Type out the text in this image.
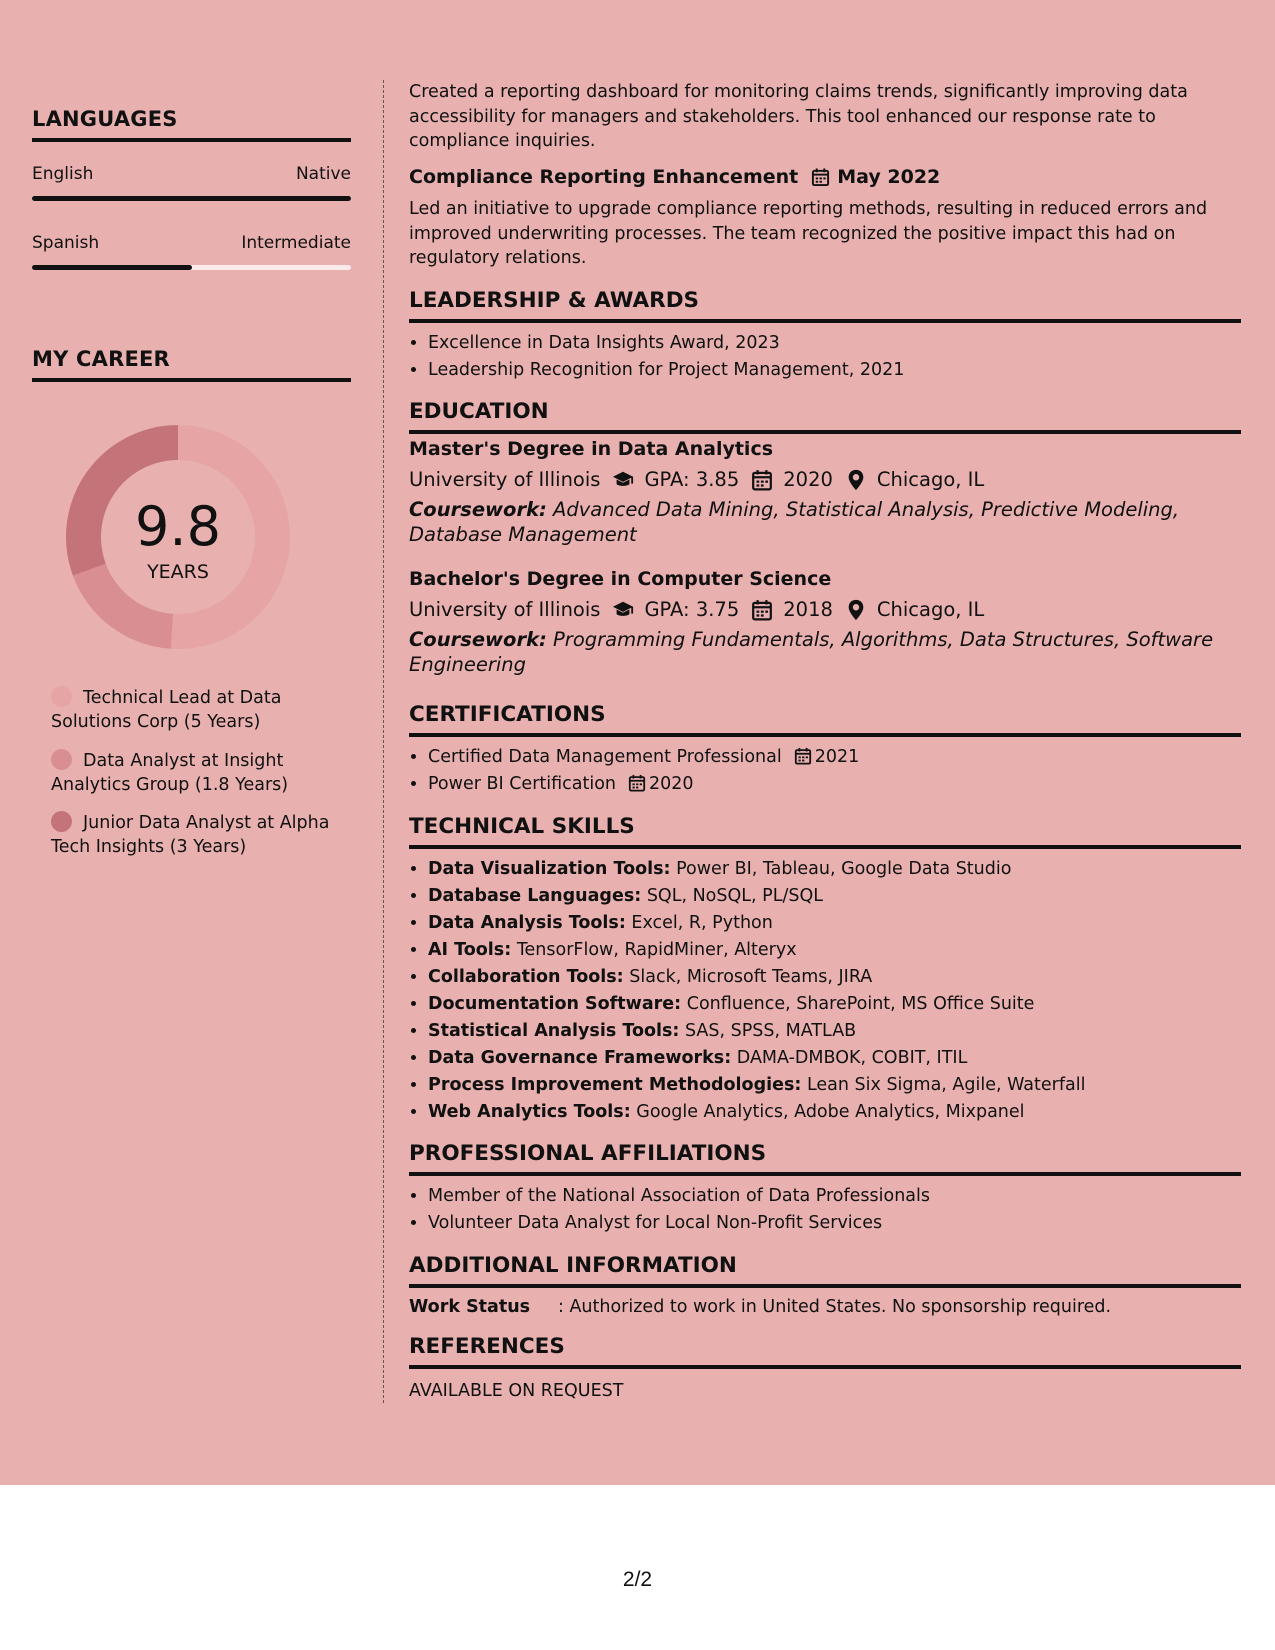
LANGUAGES
English	Native
Spanish	Intermediate
MY CAREER
9.8
YEARS
Technical Lead at Data Solutions Corp (5 Years)
Data Analyst at Insight Analytics Group (1.8 Years)
Junior Data Analyst at Alpha Tech Insights (3 Years)
Created a reporting dashboard for monitoring claims trends, significantly improving data accessibility for managers and stakeholders. This tool enhanced our response rate to compliance inquiries.
Compliance Reporting Enhancement May 2022
Led an initiative to upgrade compliance reporting methods, resulting in reduced errors and improved underwriting processes. The team recognized the positive impact this had on regulatory relations.
LEADERSHIP & AWARDS
• Excellence in Data Insights Award, 2023
• Leadership Recognition for Project Management, 2021
EDUCATION
Master's Degree in Data Analytics
University of Illinois GPA: 3.85 2020 Chicago, IL
Coursework: Advanced Data Mining, Statistical Analysis, Predictive Modeling, Database Management
Bachelor's Degree in Computer Science
University of Illinois GPA: 3.75 2018 Chicago, IL
Coursework: Programming Fundamentals, Algorithms, Data Structures, Software Engineering
CERTIFICATIONS
• Certified Data Management Professional 2021
• Power BI Certification 2020
TECHNICAL SKILLS
• Data Visualization Tools: Power BI, Tableau, Google Data Studio
• Database Languages: SQL, NoSQL, PL/SQL
• Data Analysis Tools: Excel, R, Python
• AI Tools: TensorFlow, RapidMiner, Alteryx
• Collaboration Tools: Slack, Microsoft Teams, JIRA
• Documentation Software: Confluence, SharePoint, MS Office Suite
• Statistical Analysis Tools: SAS, SPSS, MATLAB
• Data Governance Frameworks: DAMA-DMBOK, COBIT, ITIL
• Process Improvement Methodologies: Lean Six Sigma, Agile, Waterfall
• Web Analytics Tools: Google Analytics, Adobe Analytics, Mixpanel
PROFESSIONAL AFFILIATIONS
• Member of the National Association of Data Professionals
• Volunteer Data Analyst for Local Non-Profit Services
ADDITIONAL INFORMATION
Work Status	: Authorized to work in United States. No sponsorship required.
REFERENCES
AVAILABLE ON REQUEST
2/2
